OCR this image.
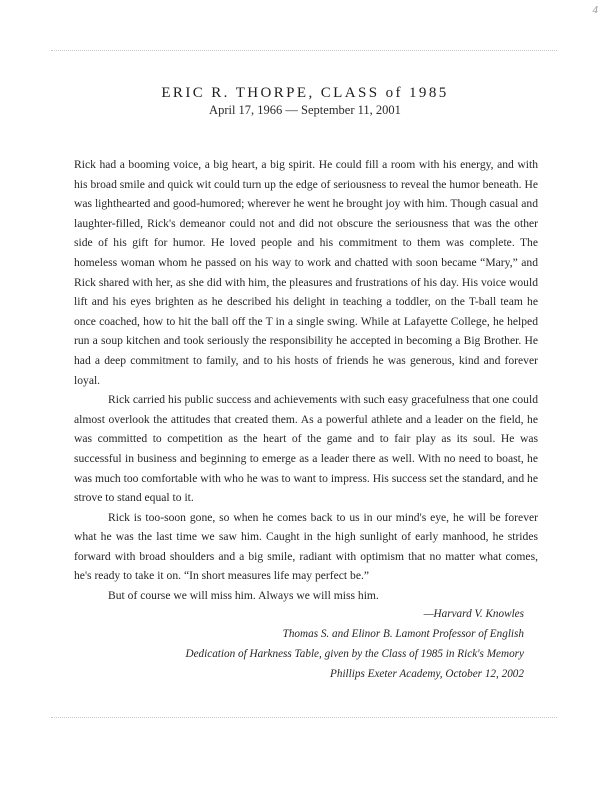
4
ERIC R. THORPE, CLASS of 1985
April 17, 1966 — September 11, 2001

Rick had a booming voice, a big heart, a big spirit. He could fill a room with his energy, and with his broad smile and quick wit could turn up the edge of seriousness to reveal the humor beneath. He was lighthearted and good-humored; wherever he went he brought joy with him. Though casual and laughter-filled, Rick's demeanor could not and did not obscure the seriousness that was the other side of his gift for humor. He loved people and his commitment to them was complete. The homeless woman whom he passed on his way to work and chatted with soon became “Mary,” and Rick shared with her, as she did with him, the pleasures and frustrations of his day. His voice would lift and his eyes brighten as he described his delight in teaching a toddler, on the T-ball team he once coached, how to hit the ball off the T in a single swing. While at Lafayette College, he helped run a soup kitchen and took seriously the responsibility he accepted in becoming a Big Brother. He had a deep commitment to family, and to his hosts of friends he was generous, kind and forever loyal.

Rick carried his public success and achievements with such easy gracefulness that one could almost overlook the attitudes that created them. As a powerful athlete and a leader on the field, he was committed to competition as the heart of the game and to fair play as its soul. He was successful in business and beginning to emerge as a leader there as well. With no need to boast, he was much too comfortable with who he was to want to impress. His success set the standard, and he strove to stand equal to it.

Rick is too-soon gone, so when he comes back to us in our mind's eye, he will be forever what he was the last time we saw him. Caught in the high sunlight of early manhood, he strides forward with broad shoulders and a big smile, radiant with optimism that no matter what comes, he's ready to take it on. “In short measures life may perfect be.”

But of course we will miss him. Always we will miss him.

—Harvard V. Knowles
Thomas S. and Elinor B. Lamont Professor of English
Dedication of Harkness Table, given by the Class of 1985 in Rick's Memory
Phillips Exeter Academy, October 12, 2002
